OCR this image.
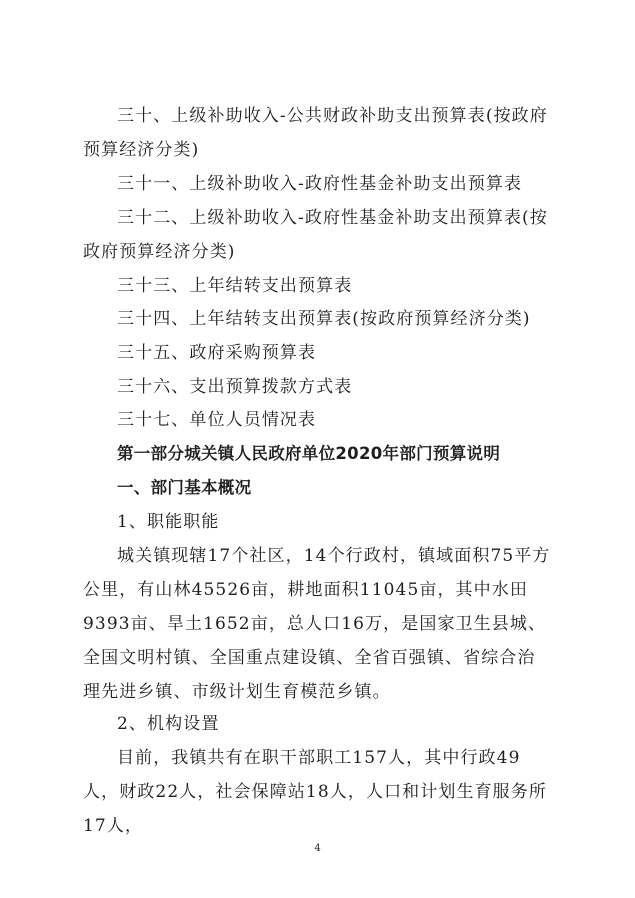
三十、上级补助收入-公共财政补助支出预算表(按政府预算经济分类)

三十一、上级补助收入-政府性基金补助支出预算表

三十二、上级补助收入-政府性基金补助支出预算表(按政府预算经济分类)

三十三、上年结转支出预算表

三十四、上年结转支出预算表(按政府预算经济分类)

三十五、政府采购预算表

三十六、支出预算拨款方式表

三十七、单位人员情况表

第一部分城关镇人民政府单位2020年部门预算说明

一、部门基本概况

1、职能职能

城关镇现辖17个社区，14个行政村，镇域面积75平方公里，有山林45526亩，耕地面积11045亩，其中水田9393亩、旱土1652亩，总人口16万，是国家卫生县城、全国文明村镇、全国重点建设镇、全省百强镇、省综合治理先进乡镇、市级计划生育模范乡镇。

2、机构设置

目前，我镇共有在职干部职工157人，其中行政49人，财政22人，社会保障站18人，人口和计划生育服务所17人，

4
